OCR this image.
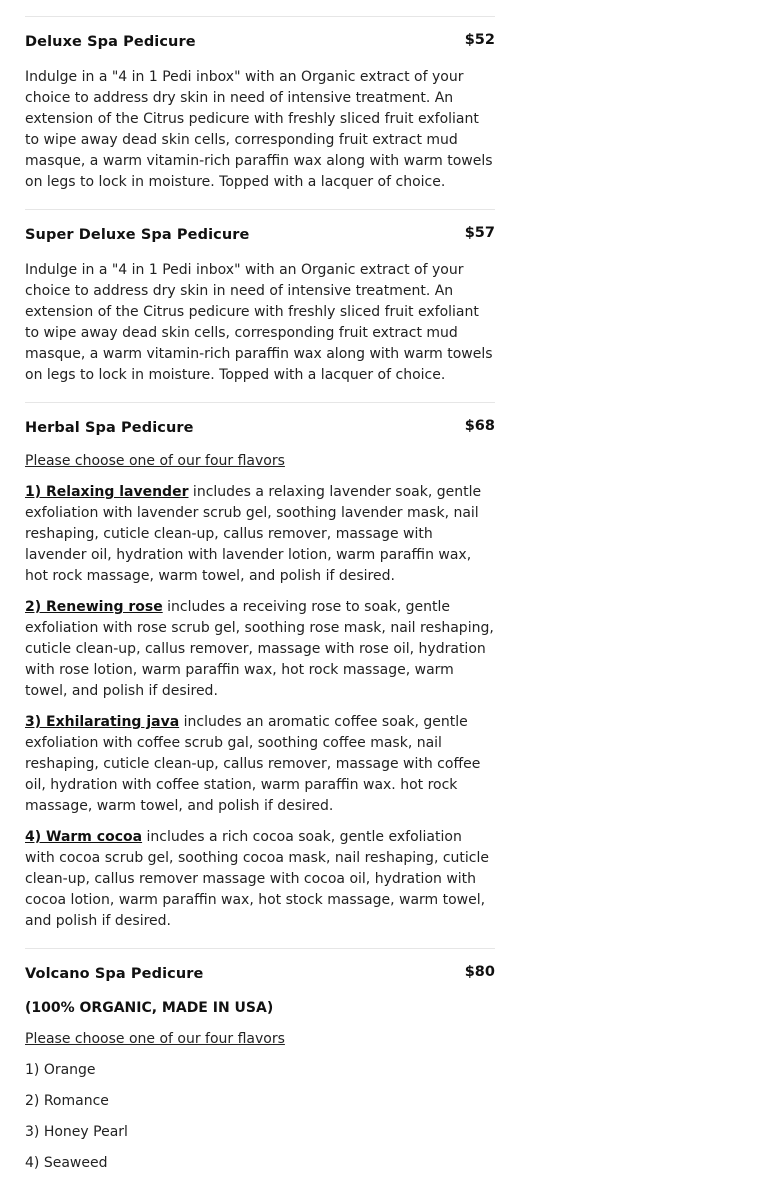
Deluxe Spa Pedicure	$52

Indulge in a "4 in 1 Pedi inbox" with an Organic extract of your choice to address dry skin in need of intensive treatment. An extension of the Citrus pedicure with freshly sliced fruit exfoliant to wipe away dead skin cells, corresponding fruit extract mud masque, a warm vitamin-rich paraffin wax along with warm towels on legs to lock in moisture. Topped with a lacquer of choice.

Super Deluxe Spa Pedicure	$57

Indulge in a "4 in 1 Pedi inbox" with an Organic extract of your choice to address dry skin in need of intensive treatment. An extension of the Citrus pedicure with freshly sliced fruit exfoliant to wipe away dead skin cells, corresponding fruit extract mud masque, a warm vitamin-rich paraffin wax along with warm towels on legs to lock in moisture. Topped with a lacquer of choice.

Herbal Spa Pedicure	$68

Please choose one of our four flavors

1) Relaxing lavender includes a relaxing lavender soak, gentle exfoliation with lavender scrub gel, soothing lavender mask, nail reshaping, cuticle clean-up, callus remover, massage with lavender oil, hydration with lavender lotion, warm paraffin wax, hot rock massage, warm towel, and polish if desired.

2) Renewing rose includes a receiving rose to soak, gentle exfoliation with rose scrub gel, soothing rose mask, nail reshaping, cuticle clean-up, callus remover, massage with rose oil, hydration with rose lotion, warm paraffin wax, hot rock massage, warm towel, and polish if desired.

3) Exhilarating java includes an aromatic coffee soak, gentle exfoliation with coffee scrub gal, soothing coffee mask, nail reshaping, cuticle clean-up, callus remover, massage with coffee oil, hydration with coffee station, warm paraffin wax. hot rock massage, warm towel, and polish if desired.

4) Warm cocoa includes a rich cocoa soak, gentle exfoliation with cocoa scrub gel, soothing cocoa mask, nail reshaping, cuticle clean-up, callus remover massage with cocoa oil, hydration with cocoa lotion, warm paraffin wax, hot stock massage, warm towel, and polish if desired.

Volcano Spa Pedicure	$80

(100% ORGANIC, MADE IN USA)

Please choose one of our four flavors

1) Orange

2) Romance

3) Honey Pearl

4) Seaweed
